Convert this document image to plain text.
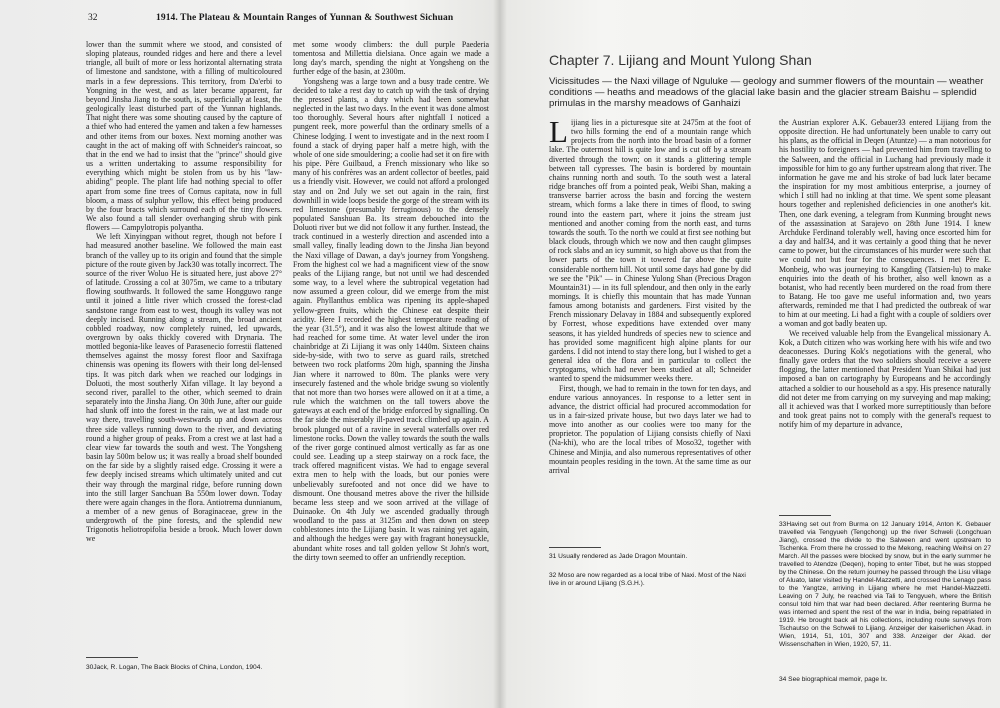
32	1914. The Plateau & Mountain Ranges of Yunnan & Southwest Sichuan

lower than the summit where we stood, and consisted of sloping plateaus, rounded ridges and here and there a level triangle, all built of more or less horizontal alternating strata of limestone and sandstone, with a filling of multicoloured marls in a few depressions. This territory, from Da'erbi to Yongning in the west, and as later became apparent, far beyond Jinsha Jiang to the south, is, superficially at least, the geologically least disturbed part of the Yunnan highlands. That night there was some shouting caused by the capture of a thief who had entered the yamen and taken a few harnesses and other items from our boxes. Next morning another was caught in the act of making off with Schneider's raincoat, so that in the end we had to insist that the "prince" should give us a written undertaking to assume responsibility for everything which might be stolen from us by his "law-abiding" people. The plant life had nothing special to offer apart from some fine trees of Cornus capitata, now in full bloom, a mass of sulphur yellow, this effect being produced by the four bracts which surround each of the tiny flowers. We also found a tall slender overhanging shrub with pink flowers — Campylotropis polyantha.

We left Xinyingpan without regret, though not before I had measured another baseline. We followed the main east branch of the valley up to its origin and found that the simple picture of the route given by Jack30 was totally incorrect. The source of the river Woluo He is situated here, just above 27° of latitude. Crossing a col at 3075m, we came to a tributary flowing southwards. It followed the same Hongguwo range until it joined a little river which crossed the forest-clad sandstone range from east to west, though its valley was not deeply incised. Running along a stream, the broad ancient cobbled roadway, now completely ruined, led upwards, overgrown by oaks thickly covered with Drynaria. The mottled begonia-like leaves of Parasenecio forrestii flattened themselves against the mossy forest floor and Saxifraga chinensis was opening its flowers with their long del-lensed tips. It was pitch dark when we reached our lodgings in Doluoti, the most southerly Xifan village. It lay beyond a second river, parallel to the other, which seemed to drain separately into the Jinsha Jiang. On 30th June, after our guide had slunk off into the forest in the rain, we at last made our way there, travelling south-westwards up and down across three side valleys running down to the river, and deviating round a higher group of peaks. From a crest we at last had a clear view far towards the south and west. The Yongsheng basin lay 500m below us; it was really a broad shelf bounded on the far side by a slightly raised edge. Crossing it were a few deeply incised streams which ultimately united and cut their way through the marginal ridge, before running down into the still larger Sanchuan Ba 550m lower down. Today there were again changes in the flora. Antiotrema dunnianum, a member of a new genus of Boraginaceae, grew in the undergrowth of the pine forests, and the splendid new Trigonotis heliotropifolia beside a brook. Much lower down we

met some woody climbers: the dull purple Paederia tomentosa and Millettia dielsiana. Once again we made a long day's march, spending the night at Yongsheng on the further edge of the basin, at 2300m.

Yongsheng was a large town and a busy trade centre. We decided to take a rest day to catch up with the task of drying the pressed plants, a duty which had been somewhat neglected in the last two days. In the event it was done almost too thoroughly. Several hours after nightfall I noticed a pungent reek, more powerful than the ordinary smells of a Chinese lodging. I went to investigate and in the next room I found a stack of drying paper half a metre high, with the whole of one side smouldering; a coolie had set it on fire with his pipe. Père Guilbaud, a French missionary who like so many of his confrères was an ardent collector of beetles, paid us a friendly visit. However, we could not afford a prolonged stay and on 2nd July we set out again in the rain, first downhill in wide loops beside the gorge of the stream with its red limestone (presumably ferruginous) to the densely populated Sanshuan Ba. Its stream debouched into the Doluoti river but we did not follow it any further. Instead, the track continued in a westerly direction and ascended into a small valley, finally leading down to the Jinsha Jian beyond the Naxi village of Dawan, a day's journey from Yongsheng. From the highest col we had a magnificent view of the snow peaks of the Lijiang range, but not until we had descended some way, to a level where the subtropical vegetation had now assumed a green colour, did we emerge from the mist again. Phyllanthus emblica was ripening its apple-shaped yellow-green fruits, which the Chinese eat despite their acidity. Here I recorded the highest temperature reading of the year (31.5°), and it was also the lowest altitude that we had reached for some time. At water level under the iron chainbridge at Zi Lijiang it was only 1440m. Sixteen chains side-by-side, with two to serve as guard rails, stretched between two rock platforms 20m high, spanning the Jinsha Jian where it narrowed to 80m. The planks were very insecurely fastened and the whole bridge swung so violently that not more than two horses were allowed on it at a time, a rule which the watchmen on the tall towers above the gateways at each end of the bridge enforced by signalling. On the far side the miserably ill-paved track climbed up again. A brook plunged out of a ravine in several waterfalls over red limestone rocks. Down the valley towards the south the walls of the river gorge continued almost vertically as far as one could see. Leading up a steep stairway on a rock face, the track offered magnificent vistas. We had to engage several extra men to help with the loads, but our ponies were unbelievably surefooted and not once did we have to dismount. One thousand metres above the river the hillside became less steep and we soon arrived at the village of Duinaoke. On 4th July we ascended gradually through woodland to the pass at 3125m and then down on steep cobblestones into the Lijiang basin. It was raining yet again, and although the hedges were gay with fragrant honeysuckle, abundant white roses and tall golden yellow St John's wort, the dirty town seemed to offer an unfriendly reception.

30Jack, R. Logan, The Back Blocks of China, London, 1904.
Chapter 7. Lijiang and Mount Yulong Shan
Vicissitudes — the Naxi village of Nguluke — geology and summer flowers of the mountain — weather conditions — heaths and meadows of the glacial lake basin and the glacier stream Baishu – splendid primulas in the marshy meadows of Ganhaizi

Lijiang lies in a picturesque site at 2475m at the foot of two hills forming the end of a mountain range which projects from the north into the broad basin of a former lake. The outermost hill is quite low and is cut off by a stream diverted through the town; on it stands a glittering temple between tall cypresses. The basin is bordered by mountain chains running north and south. To the south west a lateral ridge branches off from a pointed peak, Weibi Shan, making a transverse barrier across the basin and forcing the western stream, which forms a lake there in times of flood, to swing round into the eastern part, where it joins the stream just mentioned and another coming from the north east, and turns towards the south. To the north we could at first see nothing but black clouds, through which we now and then caught glimpses of rock slabs and an icy summit, so high above us that from the lower parts of the town it towered far above the quite considerable northern hill. Not until some days had gone by did we see the "Pik" — in Chinese Yulong Shan (Precious Dragon Mountain31) — in its full splendour, and then only in the early mornings. It is chiefly this mountain that has made Yunnan famous among botanists and gardeners. First visited by the French missionary Delavay in 1884 and subsequently explored by Forrest, whose expeditions have extended over many seasons, it has yielded hundreds of species new to science and has provided some magnificent high alpine plants for our gardens. I did not intend to stay there long, but I wished to get a general idea of the flora and in particular to collect the cryptogams, which had never been studied at all; Schneider wanted to spend the midsummer weeks there.

First, though, we had to remain in the town for ten days, and endure various annoyances. In response to a letter sent in advance, the district official had procured accommodation for us in a fair-sized private house, but two days later we had to move into another as our coolies were too many for the proprietor. The population of Lijiang consists chiefly of Naxi (Na-khi), who are the local tribes of Moso32, together with Chinese and Minjia, and also numerous representatives of other mountain peoples residing in the town. At the same time as our arrival

the Austrian explorer A.K. Gebauer33 entered Lijiang from the opposite direction. He had unfortunately been unable to carry out his plans, as the official in Deqen (Atuntze) — a man notorious for his hostility to foreigners — had prevented him from travelling to the Salween, and the official in Luchang had previously made it impossible for him to go any further upstream along that river. The information he gave me and his stroke of bad luck later became the inspiration for my most ambitious enterprise, a journey of which I still had no inkling at that time. We spent some pleasant hours together and replenished deficiencies in one another's kit. Then, one dark evening, a telegram from Kunming brought news of the assassination at Sarajevo on 28th June 1914. I knew Archduke Ferdinand tolerably well, having once escorted him for a day and half34, and it was certainly a good thing that he never came to power, but the circumstances of his murder were such that we could not but fear for the consequences. I met Père E. Monbeig, who was journeying to Kangding (Tatsien-lu) to make enquiries into the death of his brother, also well known as a botanist, who had recently been murdered on the road from there to Batang. He too gave me useful information and, two years afterwards, reminded me that I had predicted the outbreak of war to him at our meeting. Li had a fight with a couple of soldiers over a woman and got badly beaten up.

We received valuable help from the Evangelical missionary A. Kok, a Dutch citizen who was working here with his wife and two deaconesses. During Kok's negotiations with the general, who finally gave orders that the two soldiers should receive a severe flogging, the latter mentioned that President Yuan Shikai had just imposed a ban on cartography by Europeans and he accordingly attached a soldier to our household as a spy. His presence naturally did not deter me from carrying on my surveying and map making; all it achieved was that I worked more surreptitiously than before and took great pains not to comply with the general's request to notify him of my departure in advance,

31 Usually rendered as Jade Dragon Mountain.
32 Moso are now regarded as a local tribe of Naxi. Most of the Naxi live in or around Lijiang (S.G.H.).
33Having set out from Burma on 12 January 1914, Anton K. Gebauer travelled via Tengyueh (Tengchong) up the river Schweli (Longchuan Jiang), crossed the divide to the Salween and went upstream to Tschenka. From there he crossed to the Mekong, reaching Weihsi on 27 March. All the passes were blocked by snow, but in the early summer he travelled to Atendze (Deqen), hoping to enter Tibet, but he was stopped by the Chinese. On the return journey he passed through the Lisu village of Aluato, later visited by Handel-Mazzetti, and crossed the Lenago pass to the Yangtze, arriving in Lijiang where he met Handel-Mazzetti. Leaving on 7 July, he reached via Tali to Tengyueh, where the British consul told him that war had been declared. After reentering Burma he was interned and spent the rest of the war in India, being repatriated in 1919. He brought back all his collections, including route surveys from Tschautso on the Schweli to Lijiang. Anzeiger der kaiserlichen Akad. in Wien, 1914, 51, 101, 307 and 338. Anzeiger der Akad. der Wissenschaften in Wien, 1920, 57, 11.
34 See biographical memoir, page lx.
